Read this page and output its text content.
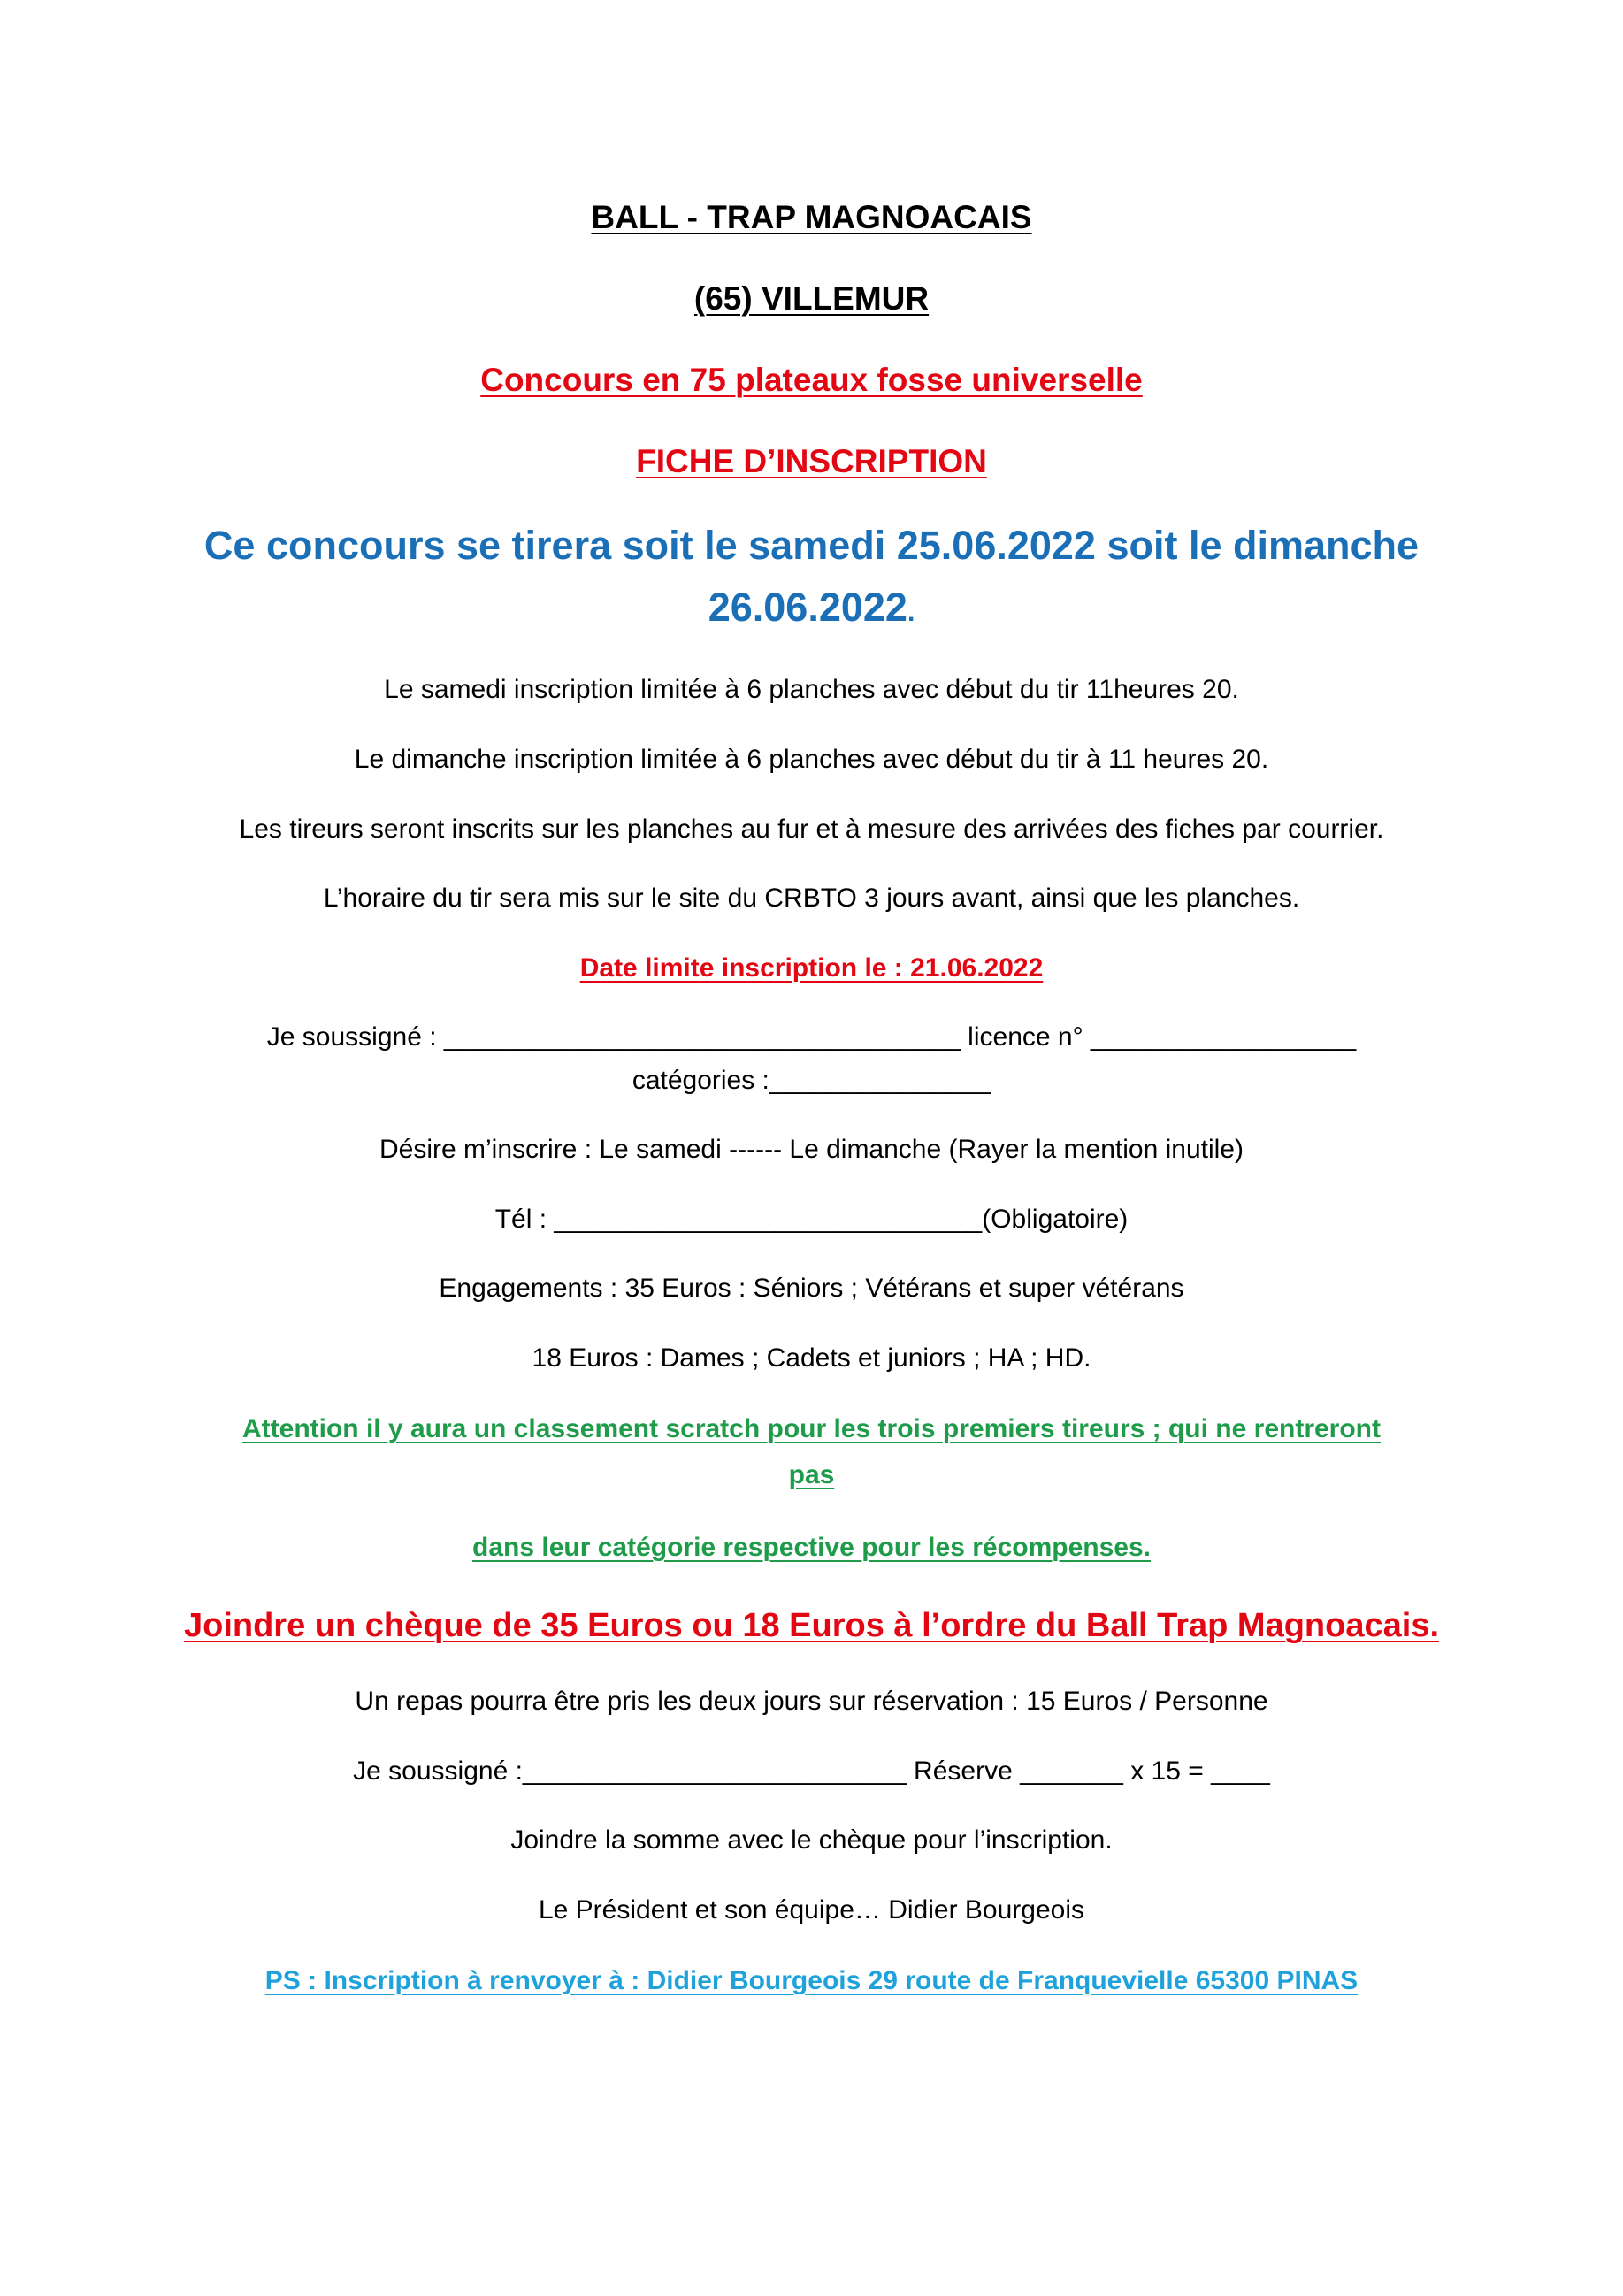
BALL - TRAP MAGNOACAIS
(65) VILLEMUR
Concours en 75 plateaux fosse universelle
FICHE D’INSCRIPTION
Ce concours se tirera soit le samedi 25.06.2022 soit le dimanche
26.06.2022.
Le samedi inscription limitée à 6 planches avec début du tir 11heures 20.
Le dimanche inscription limitée à 6 planches avec début du tir à 11 heures 20.
Les tireurs seront inscrits sur les planches au fur et à mesure des arrivées des fiches par courrier.
L’horaire du tir sera mis sur le site du CRBTO 3 jours avant, ainsi que les planches.
Date limite inscription le : 21.06.2022
Je soussigné : ___________________________________ licence n° __________________
catégories :_______________
Désire m’inscrire : Le samedi ------ Le dimanche (Rayer la mention inutile)
Tél : _____________________________(Obligatoire)
Engagements : 35 Euros : Séniors ; Vétérans et super vétérans
18 Euros : Dames ; Cadets et juniors ; HA ; HD.
Attention il y aura un classement scratch pour les trois premiers tireurs ; qui ne rentreront
pas
dans leur catégorie respective pour les récompenses.
Joindre un chèque de 35 Euros ou 18 Euros à l’ordre du Ball Trap Magnoacais.
Un repas pourra être pris les deux jours sur réservation : 15 Euros / Personne
Je soussigné :__________________________ Réserve _______ x 15 = ____
Joindre la somme avec le chèque pour l’inscription.
Le Président et son équipe… Didier Bourgeois
PS : Inscription à renvoyer à : Didier Bourgeois 29 route de Franquevielle 65300 PINAS
